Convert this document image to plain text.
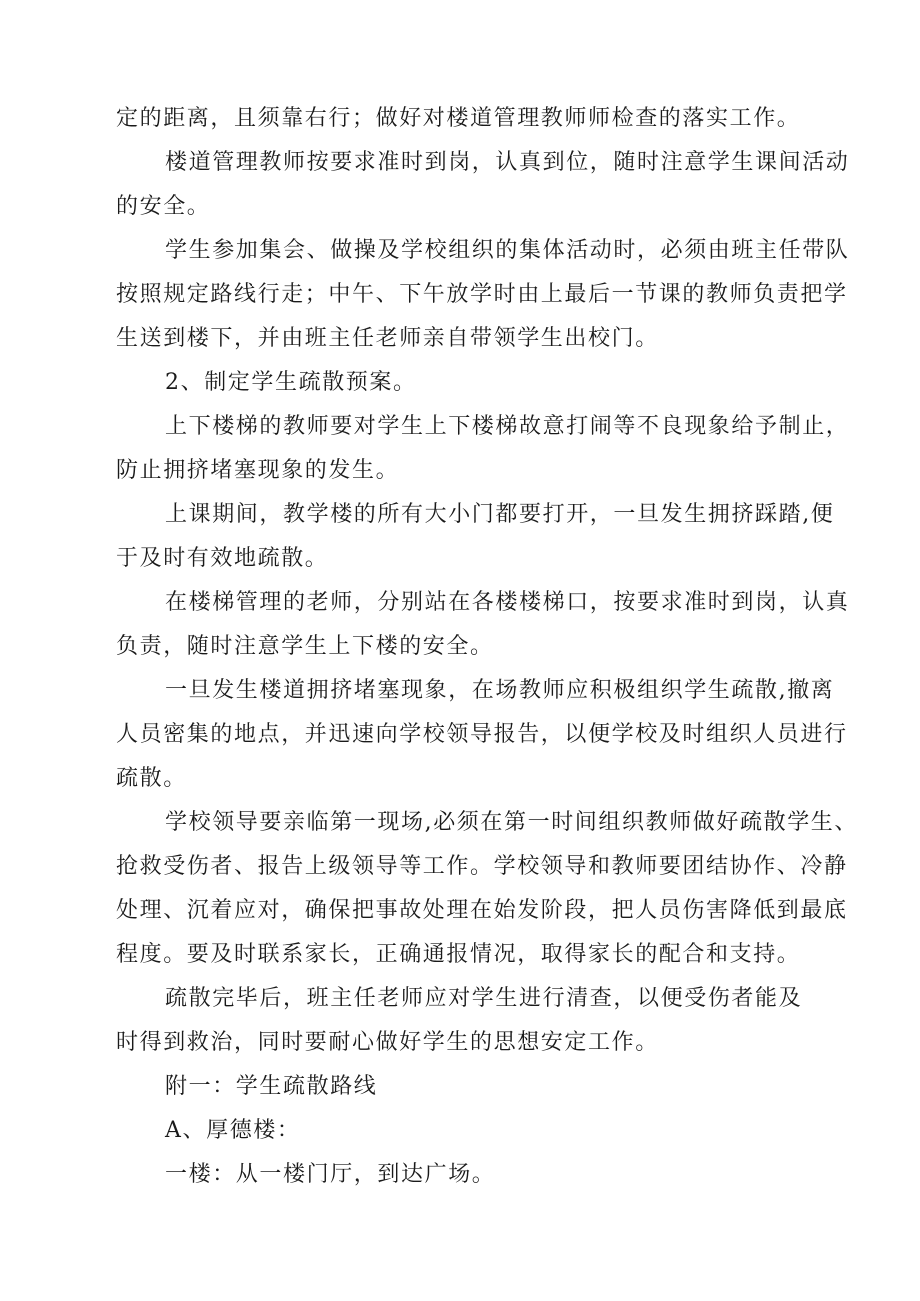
定的距离，且须靠右行；做好对楼道管理教师师检查的落实工作。
楼道管理教师按要求准时到岗，认真到位，随时注意学生课间活动
的安全。
学生参加集会、做操及学校组织的集体活动时，必须由班主任带队
按照规定路线行走；中午、下午放学时由上最后一节课的教师负责把学
生送到楼下，并由班主任老师亲自带领学生出校门。
2、制定学生疏散预案。
上下楼梯的教师要对学生上下楼梯故意打闹等不良现象给予制止，
防止拥挤堵塞现象的发生。
上课期间，教学楼的所有大小门都要打开，一旦发生拥挤踩踏,便
于及时有效地疏散。
在楼梯管理的老师，分别站在各楼楼梯口，按要求准时到岗，认真
负责，随时注意学生上下楼的安全。
一旦发生楼道拥挤堵塞现象，在场教师应积极组织学生疏散,撤离
人员密集的地点，并迅速向学校领导报告，以便学校及时组织人员进行
疏散。
学校领导要亲临第一现场,必须在第一时间组织教师做好疏散学生、
抢救受伤者、报告上级领导等工作。学校领导和教师要团结协作、冷静
处理、沉着应对，确保把事故处理在始发阶段，把人员伤害降低到最底
程度。要及时联系家长，正确通报情况，取得家长的配合和支持。
疏散完毕后，班主任老师应对学生进行清查，以便受伤者能及
时得到救治，同时要耐心做好学生的思想安定工作。
附一：学生疏散路线
A、厚德楼：
一楼：从一楼门厅，到达广场。
